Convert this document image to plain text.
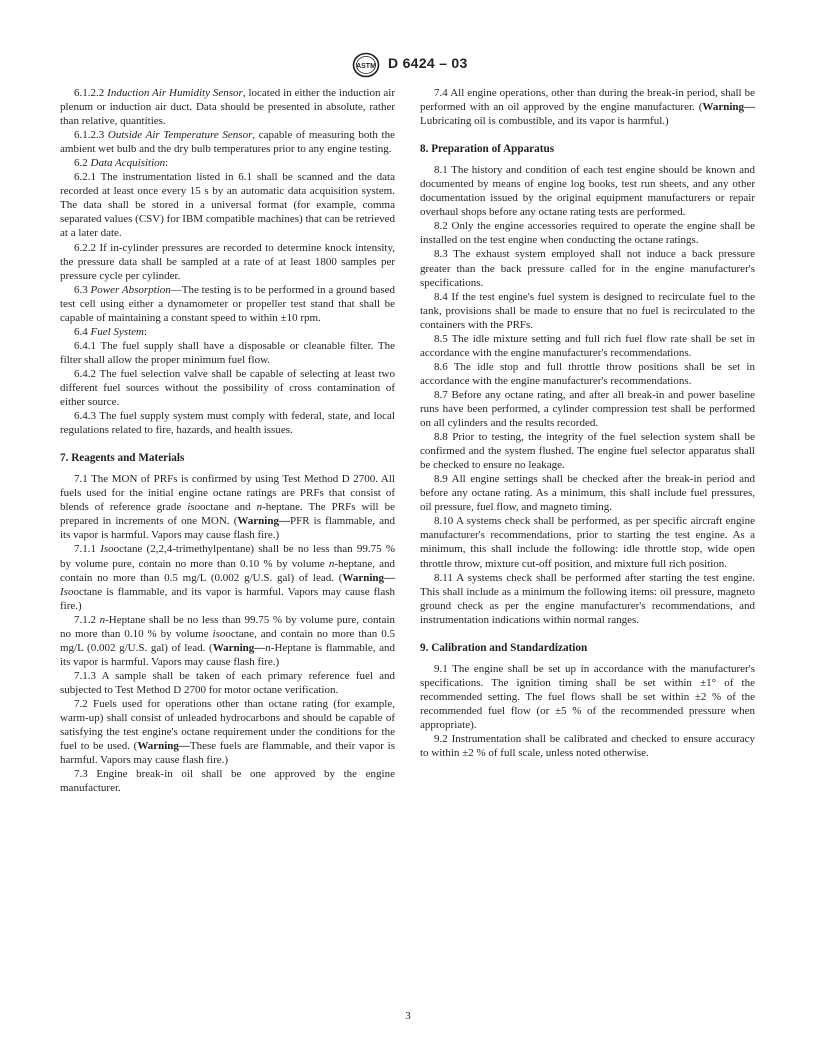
ASTM D 6424 – 03

6.1.2.2 Induction Air Humidity Sensor, located in either the induction air plenum or induction air duct. Data should be presented in absolute, rather than relative, quantities.

6.1.2.3 Outside Air Temperature Sensor, capable of measuring both the ambient wet bulb and the dry bulb temperatures prior to any engine testing.

6.2 Data Acquisition:

6.2.1 The instrumentation listed in 6.1 shall be scanned and the data recorded at least once every 15 s by an automatic data acquisition system. The data shall be stored in a universal format (for example, comma separated values (CSV) for IBM compatible machines) that can be retrieved at a later date.

6.2.2 If in-cylinder pressures are recorded to determine knock intensity, the pressure data shall be sampled at a rate of at least 1800 samples per pressure cycle per cylinder.

6.3 Power Absorption—The testing is to be performed in a ground based test cell using either a dynamometer or propeller test stand that shall be capable of maintaining a constant speed to within ±10 rpm.

6.4 Fuel System:

6.4.1 The fuel supply shall have a disposable or cleanable filter. The filter shall allow the proper minimum fuel flow.

6.4.2 The fuel selection valve shall be capable of selecting at least two different fuel sources without the possibility of cross contamination of either source.

6.4.3 The fuel supply system must comply with federal, state, and local regulations related to fire, hazards, and health issues.

7. Reagents and Materials

7.1 The MON of PRFs is confirmed by using Test Method D 2700. All fuels used for the initial engine octane ratings are PRFs that consist of blends of reference grade isooctane and n-heptane. The PRFs will be prepared in increments of one MON. (Warning—PFR is flammable, and its vapor is harmful. Vapors may cause flash fire.)

7.1.1 Isooctane (2,2,4-trimethylpentane) shall be no less than 99.75 % by volume pure, contain no more than 0.10 % by volume n-heptane, and contain no more than 0.5 mg/L (0.002 g/U.S. gal) of lead. (Warning—Isooctane is flammable, and its vapor is harmful. Vapors may cause flash fire.)

7.1.2 n-Heptane shall be no less than 99.75 % by volume pure, contain no more than 0.10 % by volume isooctane, and contain no more than 0.5 mg/L (0.002 g/U.S. gal) of lead. (Warning—n-Heptane is flammable, and its vapor is harmful. Vapors may cause flash fire.)

7.1.3 A sample shall be taken of each primary reference fuel and subjected to Test Method D 2700 for motor octane verification.

7.2 Fuels used for operations other than octane rating (for example, warm-up) shall consist of unleaded hydrocarbons and should be capable of satisfying the test engine's octane requirement under the conditions for the fuel to be used. (Warning—These fuels are flammable, and their vapor is harmful. Vapors may cause flash fire.)

7.3 Engine break-in oil shall be one approved by the engine manufacturer.

7.4 All engine operations, other than during the break-in period, shall be performed with an oil approved by the engine manufacturer. (Warning—Lubricating oil is combustible, and its vapor is harmful.)

8. Preparation of Apparatus

8.1 The history and condition of each test engine should be known and documented by means of engine log books, test run sheets, and any other documentation issued by the original equipment manufacturers or repair overhaul shops before any octane rating tests are performed.

8.2 Only the engine accessories required to operate the engine shall be installed on the test engine when conducting the octane ratings.

8.3 The exhaust system employed shall not induce a back pressure greater than the back pressure called for in the engine manufacturer's specifications.

8.4 If the test engine's fuel system is designed to recirculate fuel to the tank, provisions shall be made to ensure that no fuel is recirculated to the containers with the PRFs.

8.5 The idle mixture setting and full rich fuel flow rate shall be set in accordance with the engine manufacturer's recommendations.

8.6 The idle stop and full throttle throw positions shall be set in accordance with the engine manufacturer's recommendations.

8.7 Before any octane rating, and after all break-in and power baseline runs have been performed, a cylinder compression test shall be performed on all cylinders and the results recorded.

8.8 Prior to testing, the integrity of the fuel selection system shall be confirmed and the system flushed. The engine fuel selector apparatus shall be checked to ensure no leakage.

8.9 All engine settings shall be checked after the break-in period and before any octane rating. As a minimum, this shall include fuel pressures, oil pressure, fuel flow, and magneto timing.

8.10 A systems check shall be performed, as per specific aircraft engine manufacturer's recommendations, prior to starting the test engine. As a minimum, this shall include the following: idle throttle stop, wide open throttle throw, mixture cut-off position, and mixture full rich position.

8.11 A systems check shall be performed after starting the test engine. This shall include as a minimum the following items: oil pressure, magneto ground check as per the engine manufacturer's recommendations, and instrumentation indications within normal ranges.

9. Calibration and Standardization

9.1 The engine shall be set up in accordance with the manufacturer's specifications. The ignition timing shall be set within ±1° of the recommended setting. The fuel flows shall be set within ±2 % of the recommended fuel flow (or ±5 % of the recommended pressure when appropriate).

9.2 Instrumentation shall be calibrated and checked to ensure accuracy to within ±2 % of full scale, unless noted otherwise.

3
